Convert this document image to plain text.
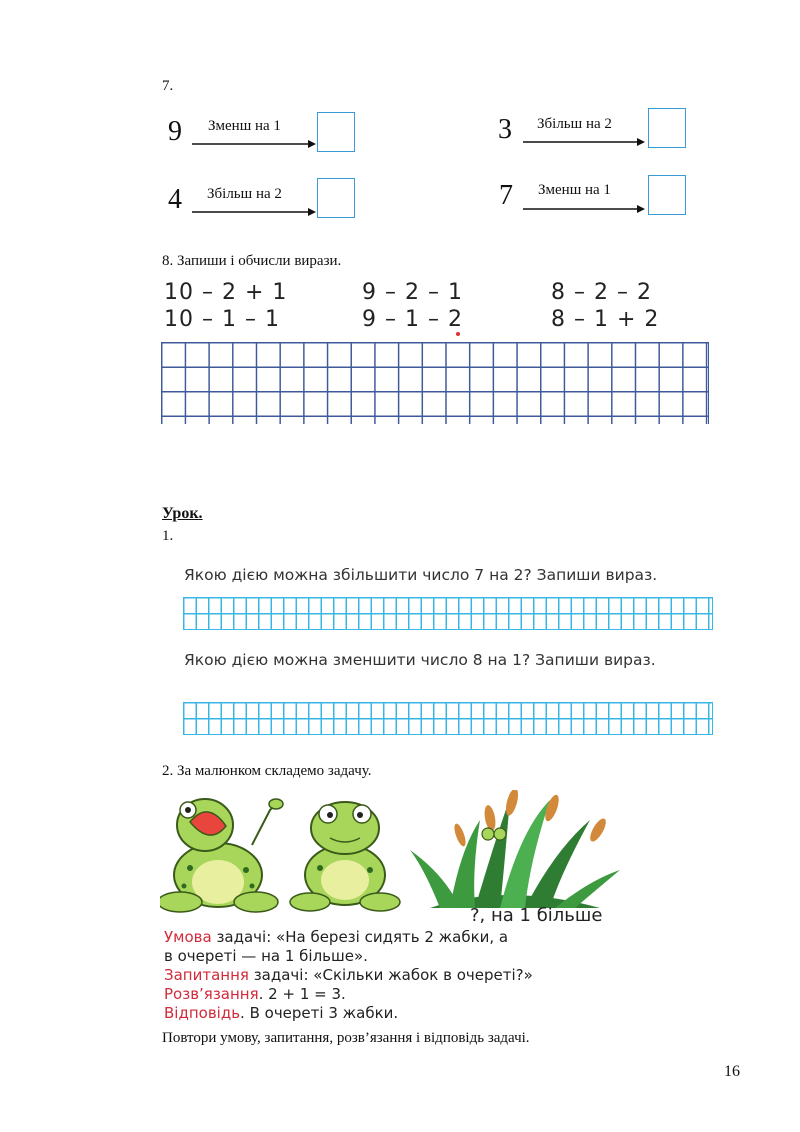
7.
9 Зменш на 1	3 Збільш на 2
4 Збільш на 2	7 Зменш на 1
8. Запиши і обчисли вирази.
10 – 2 + 1	9 – 2 – 1	8 – 2 – 2
10 – 1 – 1	9 – 1 – 2	8 – 1 + 2
Урок.
1.
Якою дією можна збільшити число 7 на 2? Запиши вираз.
Якою дією можна зменшити число 8 на 1? Запиши вираз.
2. За малюнком складемо задачу.
?, на 1 більше
Умова задачі: «На березі сидять 2 жабки, а
в очереті — на 1 більше».
Запитання задачі: «Скільки жабок в очереті?»
Розв’язання. 2 + 1 = 3.
Відповідь. В очереті 3 жабки.
Повтори умову, запитання, розв’язання і відповідь задачі.
16
